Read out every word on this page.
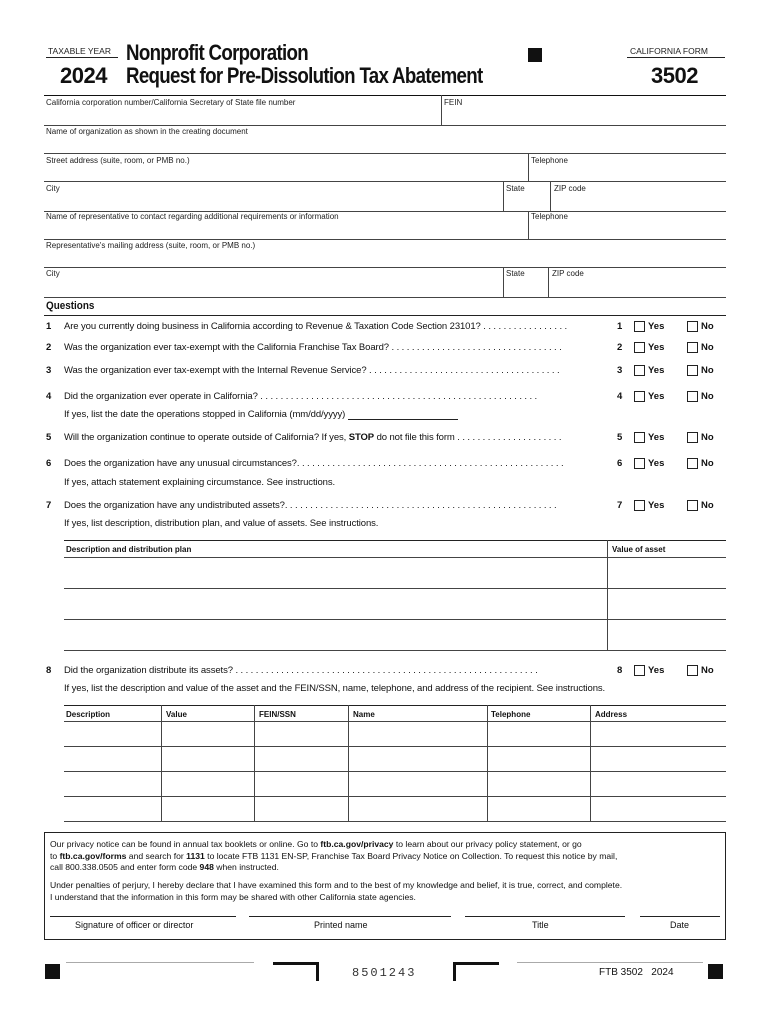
TAXABLE YEAR
2024
Nonprofit Corporation
Request for Pre-Dissolution Tax Abatement
CALIFORNIA FORM
3502
California corporation number/California Secretary of State file number	FEIN
Name of organization as shown in the creating document
Street address (suite, room, or PMB no.)	Telephone
City	State	ZIP code
Name of representative to contact regarding additional requirements or information	Telephone
Representative's mailing address (suite, room, or PMB no.)
City	State	ZIP code
Questions
1 Are you currently doing business in California according to Revenue & Taxation Code Section 23101? . . . . . . . . . . . . . . . . .	1	Yes	No
2 Was the organization ever tax-exempt with the California Franchise Tax Board? . . . . . . . . . . . . . . . . . . . . . . . . . . . . . . . . . .	2	Yes	No
3 Was the organization ever tax-exempt with the Internal Revenue Service? . . . . . . . . . . . . . . . . . . . . . . . . . . . . . . . . . . . . . .	3	Yes	No
4 Did the organization ever operate in California? . . . . . . . . . . . . . . . . . . . . . . . . . . . . . . . . . . . . . . . . . . . . . . . . . . . . . . .	4	Yes	No
If yes, list the date the operations stopped in California (mm/dd/yyyy)
5 Will the organization continue to operate outside of California? If yes, STOP do not file this form . . . . . . . . . . . . . . . . . . . . .	5	Yes	No
6 Does the organization have any unusual circumstances?. . . . . . . . . . . . . . . . . . . . . . . . . . . . . . . . . . . . . . . . . . . . . . . . . . . . .	6	Yes	No
If yes, attach statement explaining circumstance. See instructions.
7 Does the organization have any undistributed assets?. . . . . . . . . . . . . . . . . . . . . . . . . . . . . . . . . . . . . . . . . . . . . . . . . . . . . .	7	Yes	No
If yes, list description, distribution plan, and value of assets. See instructions.
Description and distribution plan	Value of asset
8 Did the organization distribute its assets? . . . . . . . . . . . . . . . . . . . . . . . . . . . . . . . . . . . . . . . . . . . . . . . . . . . . . . . . . . . .	8	Yes	No
If yes, list the description and value of the asset and the FEIN/SSN, name, telephone, and address of the recipient. See instructions.
Description	Value	FEIN/SSN	Name	Telephone	Address
Our privacy notice can be found in annual tax booklets or online. Go to ftb.ca.gov/privacy to learn about our privacy policy statement, or go
to ftb.ca.gov/forms and search for 1131 to locate FTB 1131 EN-SP, Franchise Tax Board Privacy Notice on Collection. To request this notice by mail,
call 800.338.0505 and enter form code 948 when instructed.
Under penalties of perjury, I hereby declare that I have examined this form and to the best of my knowledge and belief, it is true, correct, and complete.
I understand that the information in this form may be shared with other California state agencies.
Signature of officer or director	Printed name	Title	Date
8501243	FTB 3502 2024
